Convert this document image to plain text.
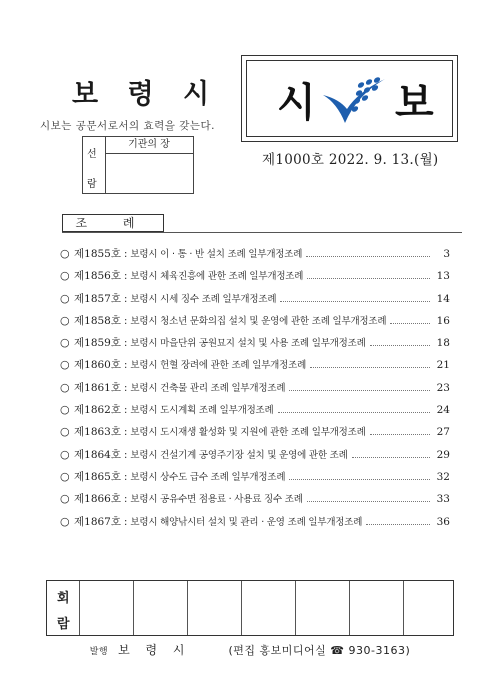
보 령 시
시보는 공문서로서의 효력을 갖는다.
선
람
기관의 장
시 보
제1000호 2022. 9. 13.(월)
조 례
○ 제1855호 : 보령시 이 · 통 · 반 설치 조례 일부개정조례	3
○ 제1856호 : 보령시 체육진흥에 관한 조례 일부개정조례	13
○ 제1857호 : 보령시 시세 징수 조례 일부개정조례	14
○ 제1858호 : 보령시 청소년 문화의집 설치 및 운영에 관한 조례 일부개정조례	16
○ 제1859호 : 보령시 마을단위 공원묘지 설치 및 사용 조례 일부개정조례	18
○ 제1860호 : 보령시 헌혈 장려에 관한 조례 일부개정조례	21
○ 제1861호 : 보령시 건축물 관리 조례 일부개정조례	23
○ 제1862호 : 보령시 도시계획 조례 일부개정조례	24
○ 제1863호 : 보령시 도시재생 활성화 및 지원에 관한 조례 일부개정조례	27
○ 제1864호 : 보령시 건설기계 공영주기장 설치 및 운영에 관한 조례	29
○ 제1865호 : 보령시 상수도 급수 조례 일부개정조례	32
○ 제1866호 : 보령시 공유수면 점용료 · 사용료 징수 조례	33
○ 제1867호 : 보령시 해양낚시터 설치 및 관리 · 운영 조례 일부개정조례	36
회
람
발행 보 령 시	(편집 홍보미디어실 ☎ 930-3163)
